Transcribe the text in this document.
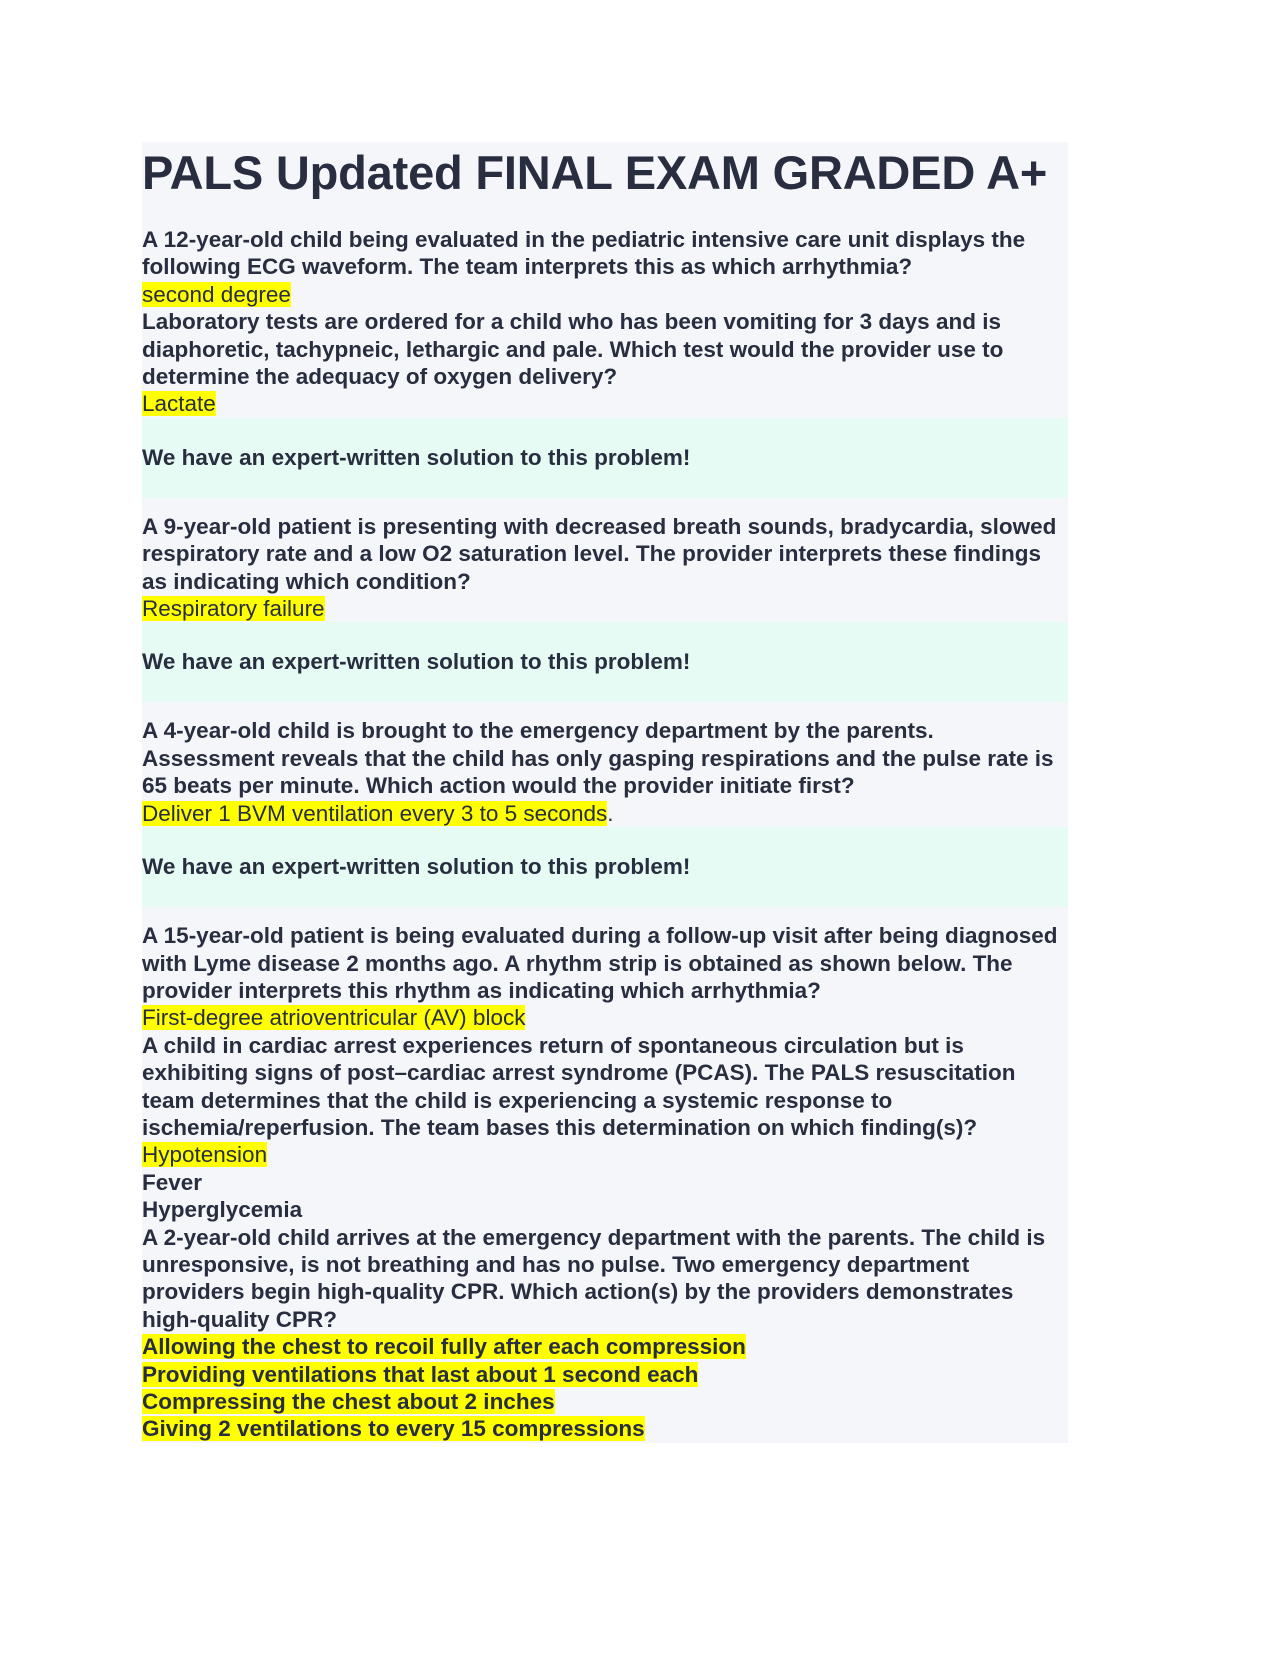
PALS Updated FINAL EXAM GRADED A+
A 12-year-old child being evaluated in the pediatric intensive care unit displays the following ECG waveform. The team interprets this as which arrhythmia?
second degree
Laboratory tests are ordered for a child who has been vomiting for 3 days and is diaphoretic, tachypneic, lethargic and pale. Which test would the provider use to determine the adequacy of oxygen delivery?
Lactate
We have an expert-written solution to this problem!
A 9-year-old patient is presenting with decreased breath sounds, bradycardia, slowed respiratory rate and a low O2 saturation level. The provider interprets these findings as indicating which condition?
Respiratory failure
We have an expert-written solution to this problem!
A 4-year-old child is brought to the emergency department by the parents. Assessment reveals that the child has only gasping respirations and the pulse rate is 65 beats per minute. Which action would the provider initiate first?
Deliver 1 BVM ventilation every 3 to 5 seconds.
We have an expert-written solution to this problem!
A 15-year-old patient is being evaluated during a follow-up visit after being diagnosed with Lyme disease 2 months ago. A rhythm strip is obtained as shown below. The provider interprets this rhythm as indicating which arrhythmia?
First-degree atrioventricular (AV) block
A child in cardiac arrest experiences return of spontaneous circulation but is exhibiting signs of post–cardiac arrest syndrome (PCAS). The PALS resuscitation team determines that the child is experiencing a systemic response to ischemia/reperfusion. The team bases this determination on which finding(s)?
Hypotension
Fever
Hyperglycemia
A 2-year-old child arrives at the emergency department with the parents. The child is unresponsive, is not breathing and has no pulse. Two emergency department providers begin high-quality CPR. Which action(s) by the providers demonstrates high-quality CPR?
Allowing the chest to recoil fully after each compression
Providing ventilations that last about 1 second each
Compressing the chest about 2 inches
Giving 2 ventilations to every 15 compressions
